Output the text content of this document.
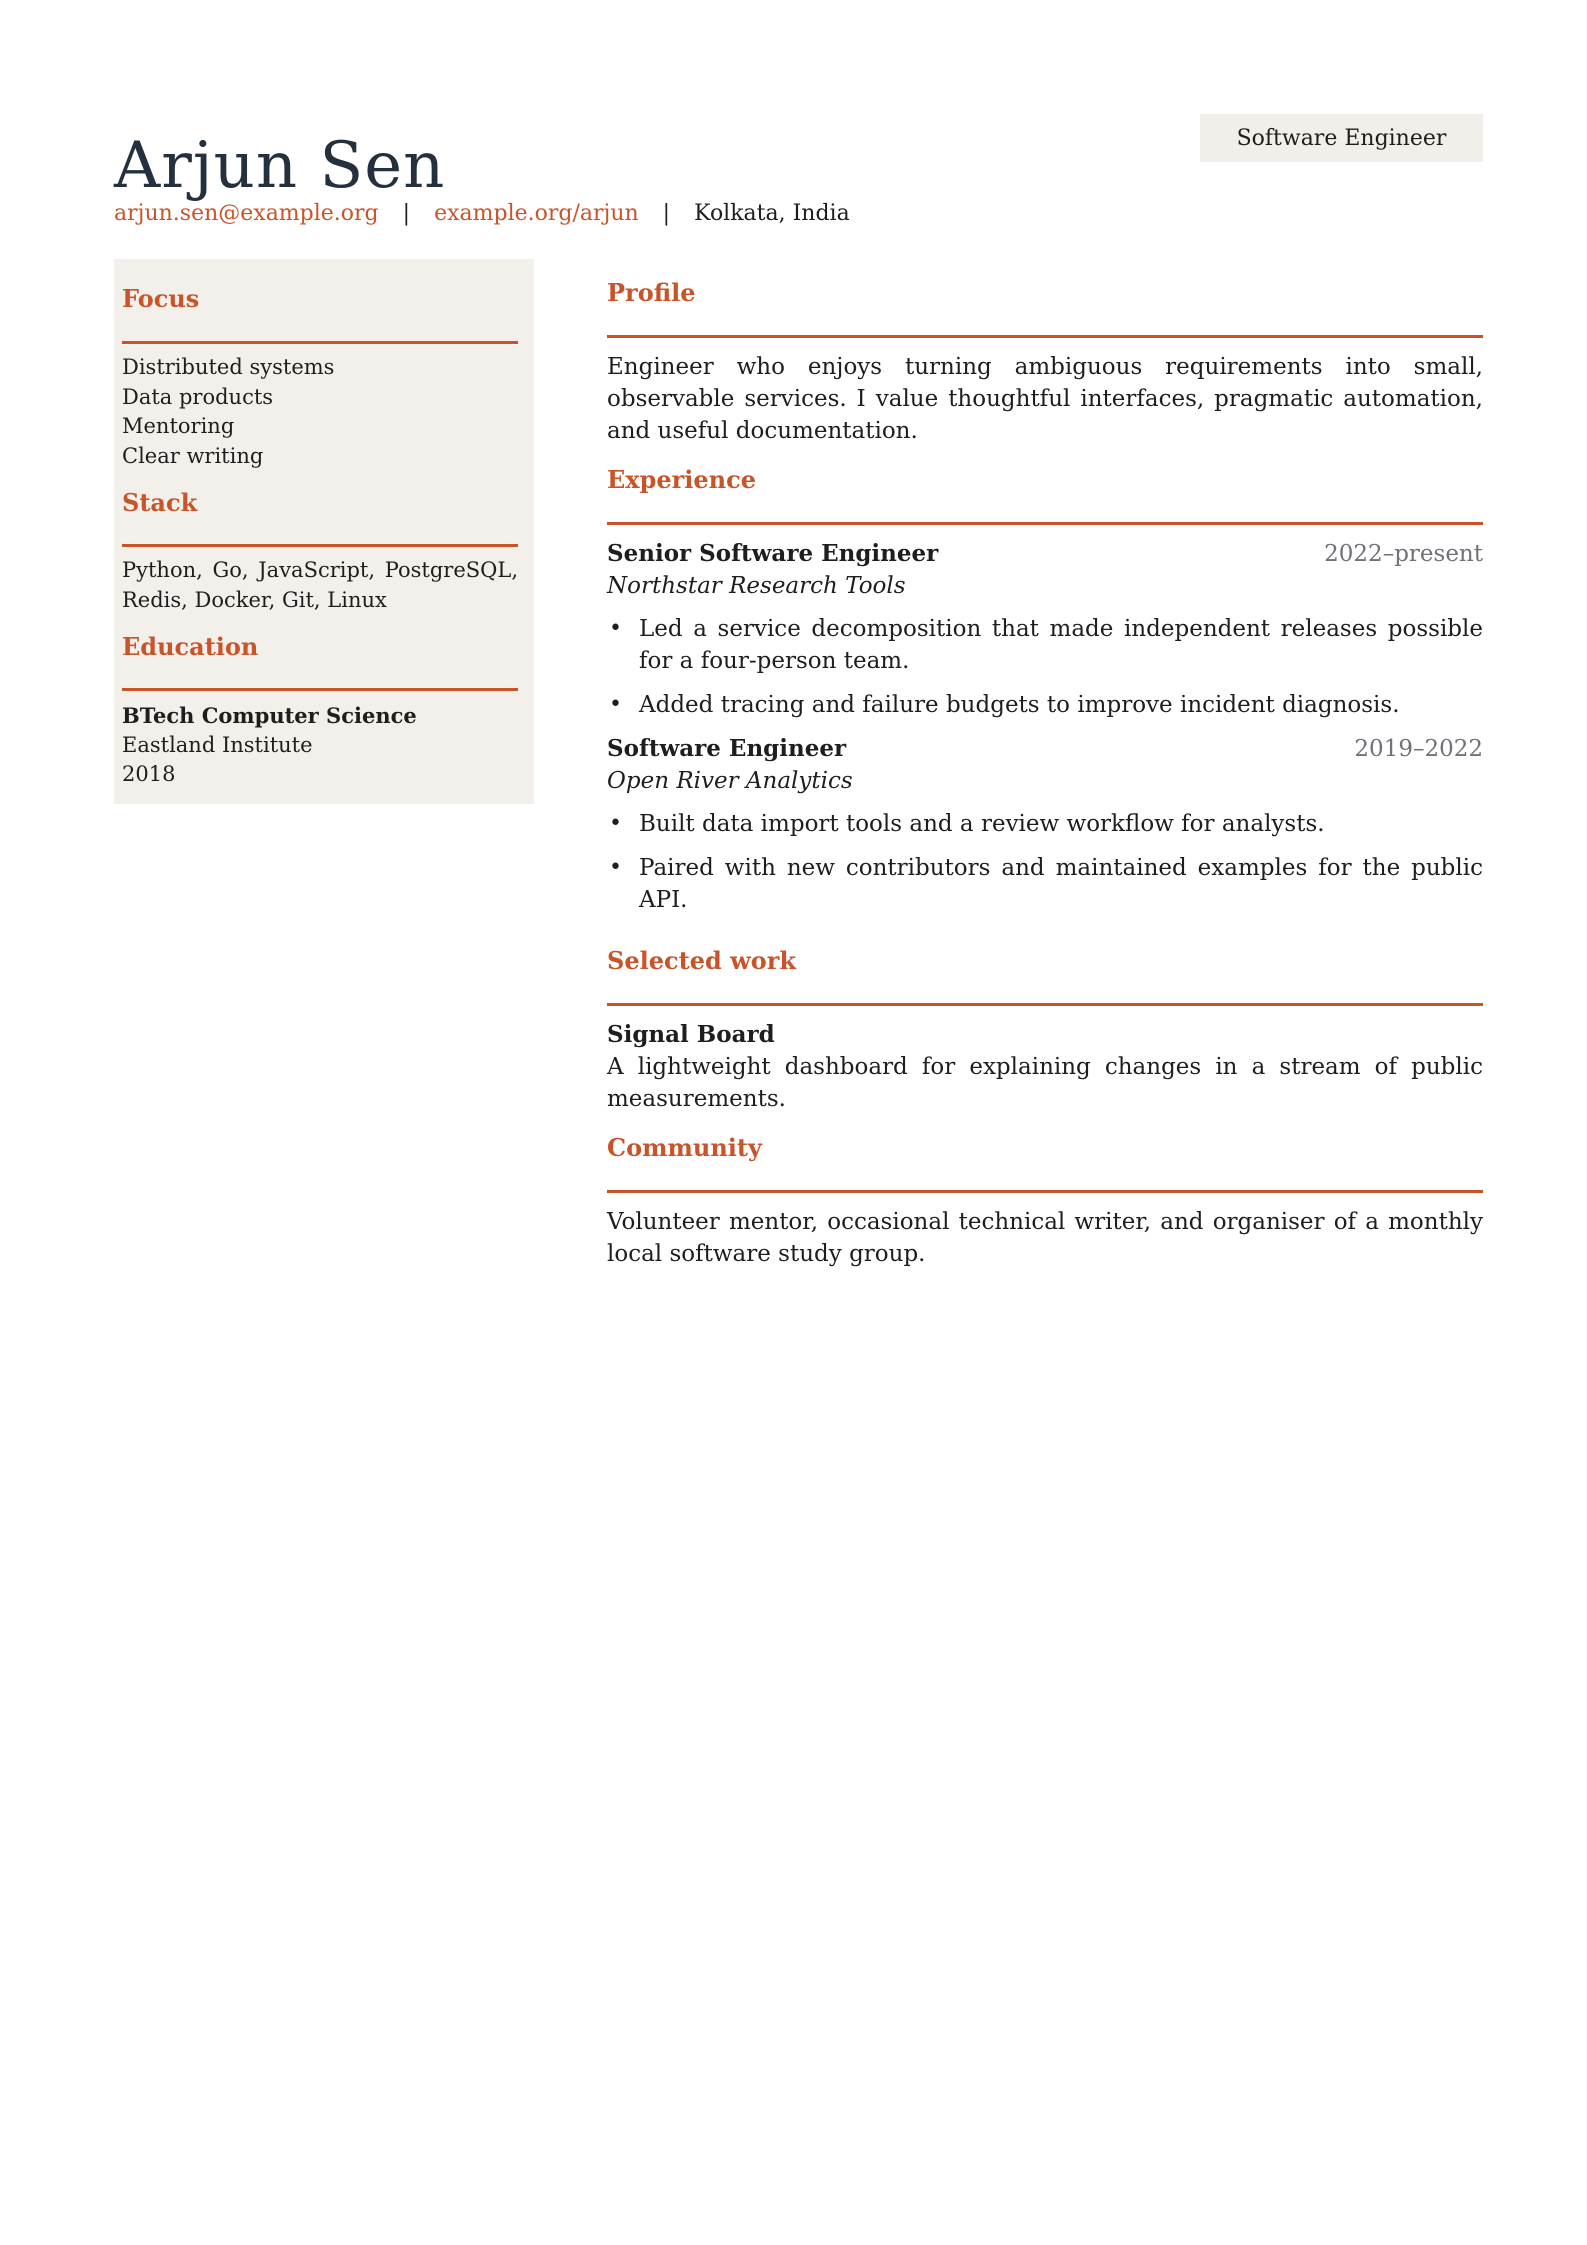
Arjun Sen	Software Engineer
arjun.sen@example.org | example.org/arjun | Kolkata, India
Focus
Distributed systems
Data products
Mentoring
Clear writing
Stack
Python, Go, JavaScript, PostgreSQL, Redis, Docker, Git, Linux
Education
BTech Computer Science
Eastland Institute
2018
Profile
Engineer who enjoys turning ambiguous requirements into small, observable services. I value thoughtful interfaces, pragmatic automation, and useful documentation.
Experience
Senior Software Engineer	2022–present
Northstar Research Tools
• Led a service decomposition that made independent releases possible for a four-person team.
• Added tracing and failure budgets to improve incident diagnosis.
Software Engineer	2019–2022
Open River Analytics
• Built data import tools and a review workflow for analysts.
• Paired with new contributors and maintained examples for the public API.
Selected work
Signal Board
A lightweight dashboard for explaining changes in a stream of public measurements.
Community
Volunteer mentor, occasional technical writer, and organiser of a monthly local software study group.
